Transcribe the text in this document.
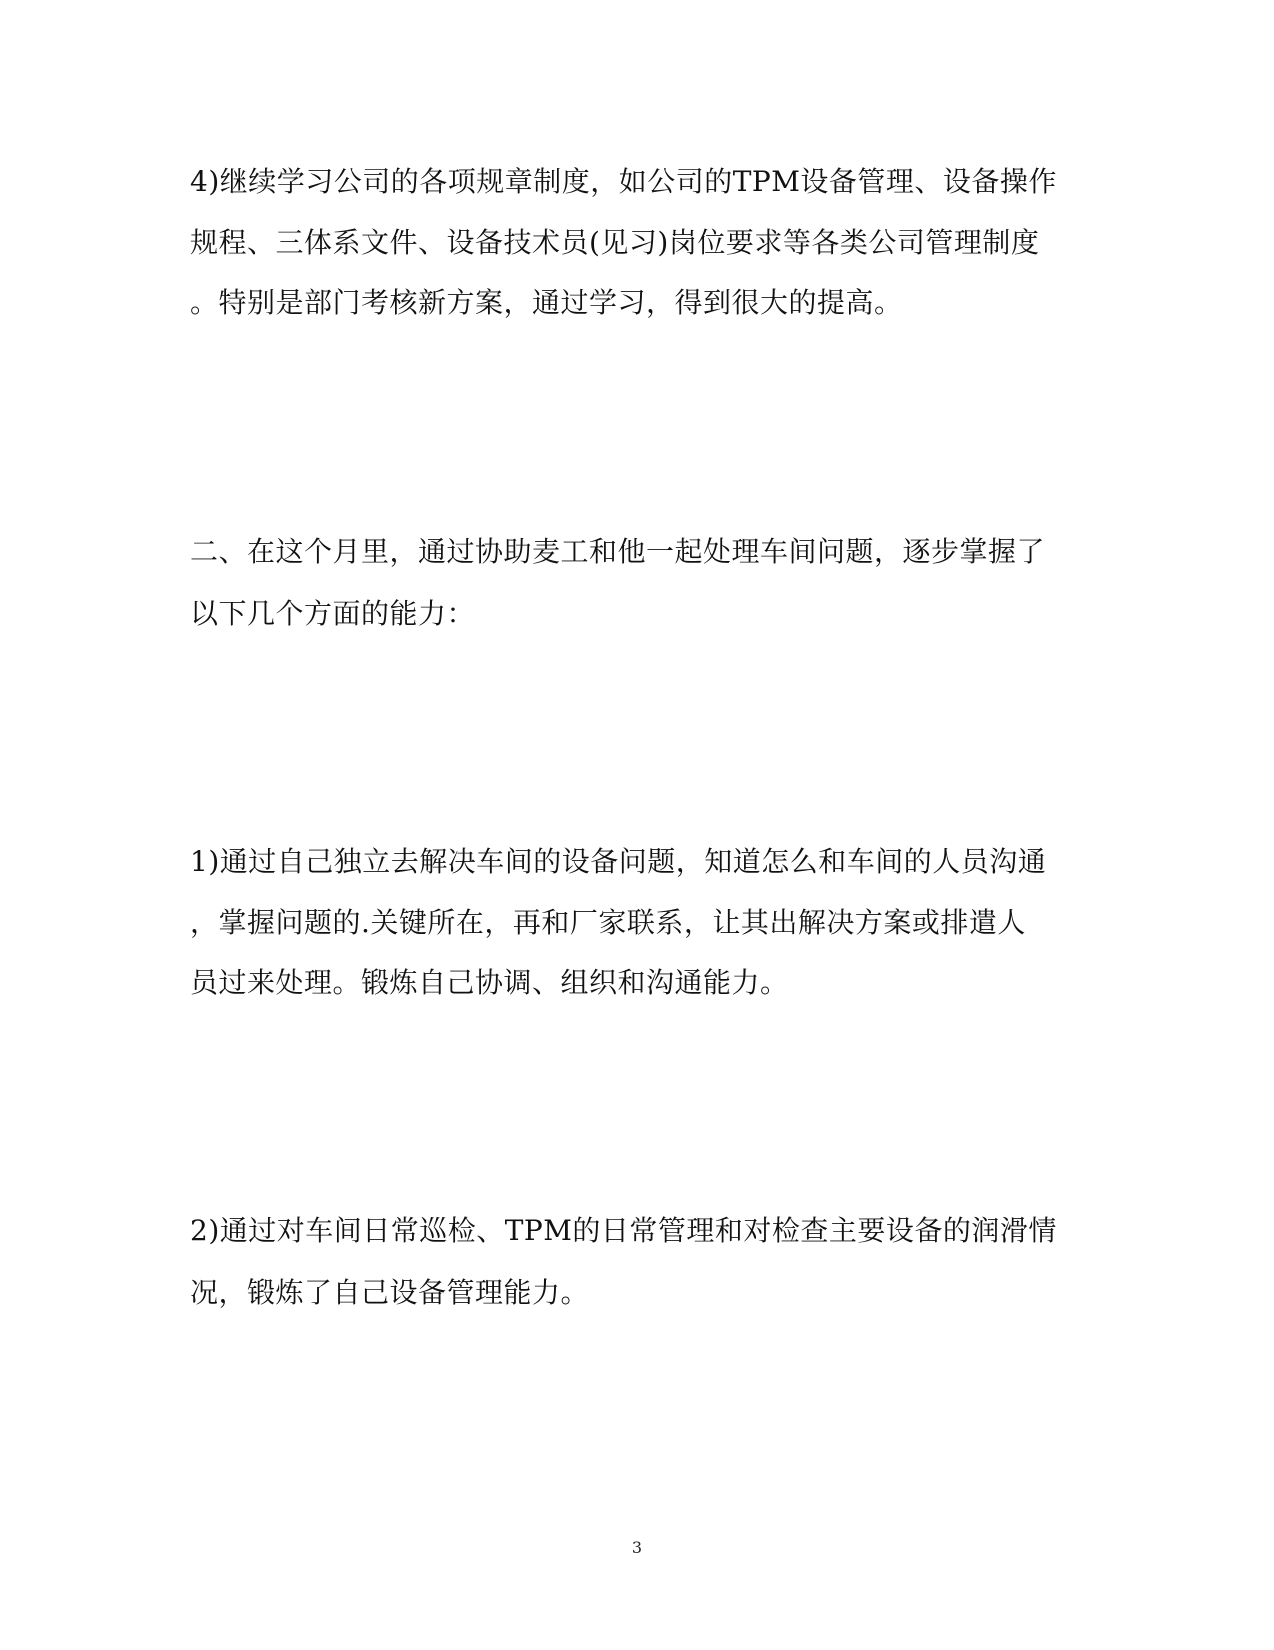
4)继续学习公司的各项规章制度，如公司的TPM设备管理、设备操作
规程、三体系文件、设备技术员(见习)岗位要求等各类公司管理制度
。特别是部门考核新方案，通过学习，得到很大的提高。
二、在这个月里，通过协助麦工和他一起处理车间问题，逐步掌握了
以下几个方面的能力：
1)通过自己独立去解决车间的设备问题，知道怎么和车间的人员沟通
，掌握问题的.关键所在，再和厂家联系，让其出解决方案或排遣人
员过来处理。锻炼自己协调、组织和沟通能力。
2)通过对车间日常巡检、TPM的日常管理和对检查主要设备的润滑情
况，锻炼了自己设备管理能力。
3
